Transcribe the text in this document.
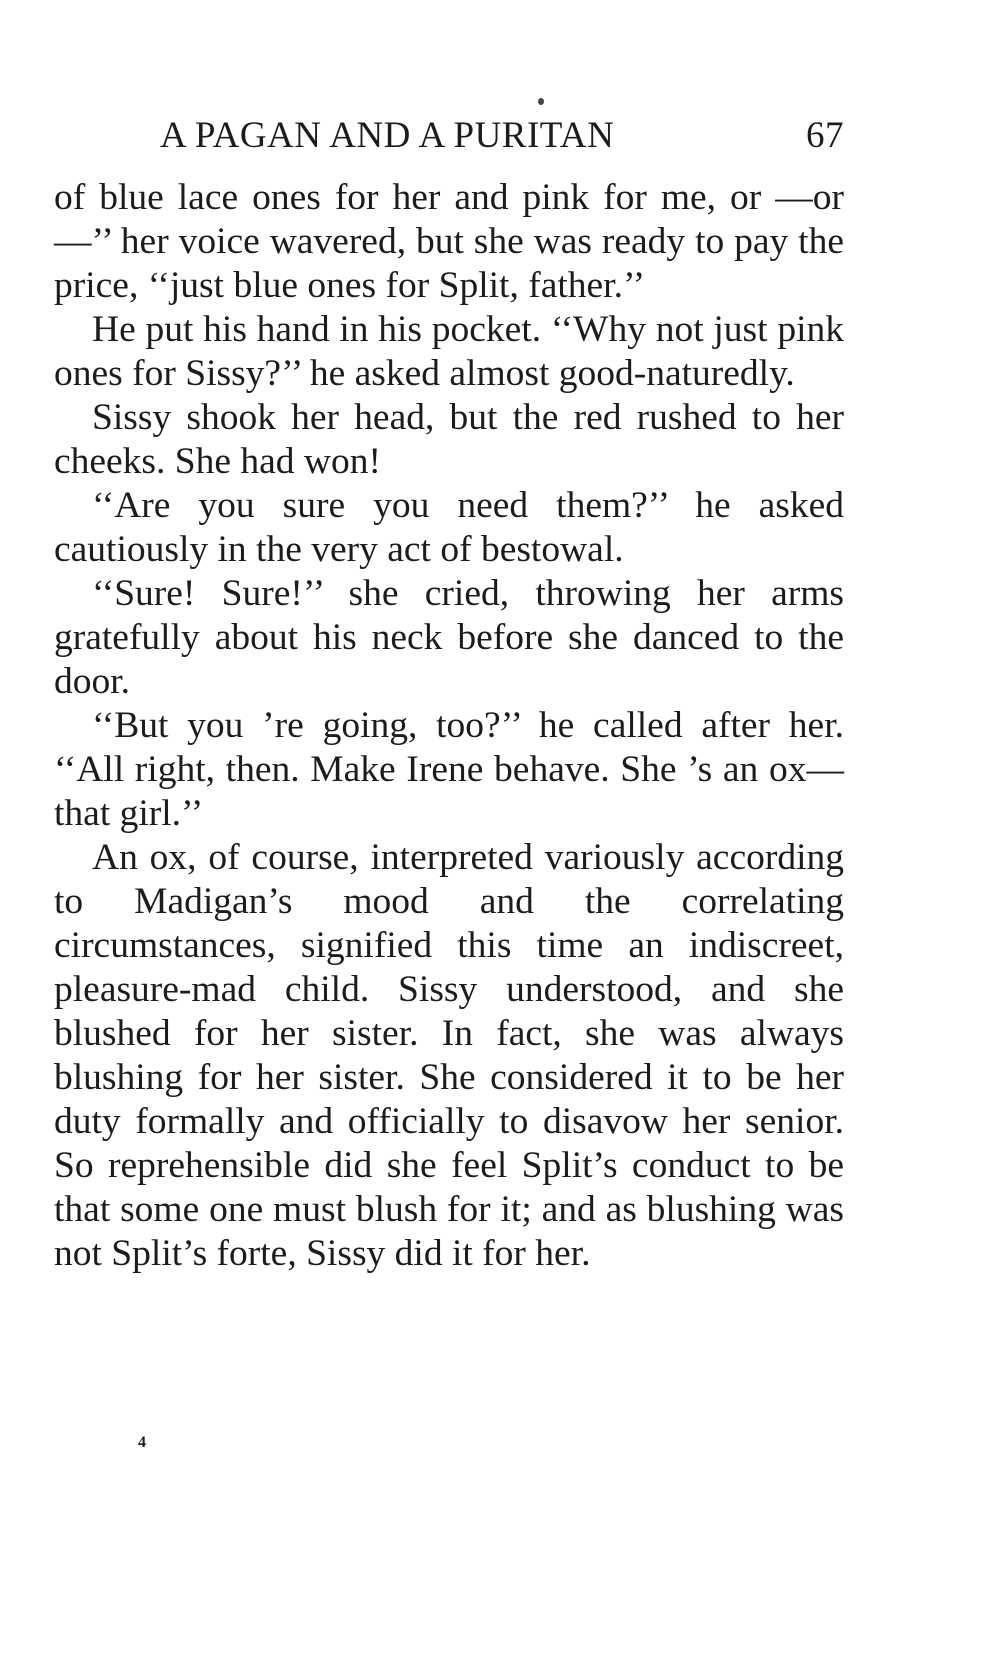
A PAGAN AND A PURITAN	67

of blue lace ones for her and pink for me, or —or—’’ her voice wavered, but she was ready to pay the price, ‘‘just blue ones for Split, father.’’

He put his hand in his pocket. ‘‘Why not just pink ones for Sissy?’’ he asked almost good-naturedly.

Sissy shook her head, but the red rushed to her cheeks. She had won!

‘‘Are you sure you need them?’’ he asked cautiously in the very act of bestowal.

‘‘Sure! Sure!’’ she cried, throwing her arms gratefully about his neck before she danced to the door.

‘‘But you ’re going, too?’’ he called after her. ‘‘All right, then. Make Irene behave. She ’s an ox—that girl.’’

An ox, of course, interpreted variously according to Madigan’s mood and the correlating circumstances, signified this time an indiscreet, pleasure-mad child. Sissy understood, and she blushed for her sister. In fact, she was always blushing for her sister. She considered it to be her duty formally and officially to disavow her senior. So reprehensible did she feel Split’s conduct to be that some one must blush for it; and as blushing was not Split’s forte, Sissy did it for her.

4
